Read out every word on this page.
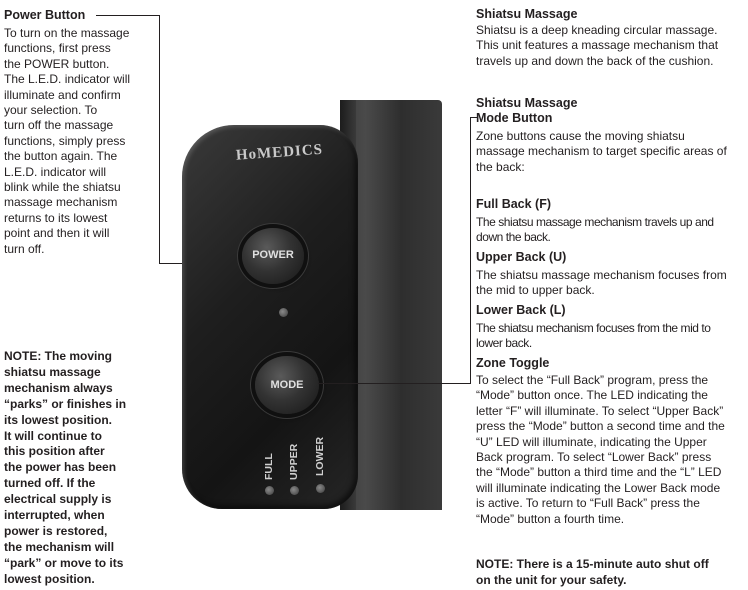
Power Button
To turn on the massage
functions, first press
the POWER button.
The L.E.D. indicator will
illuminate and confirm
your selection. To
turn off the massage
functions, simply press
the button again. The
L.E.D. indicator will
blink while the shiatsu
massage mechanism
returns to its lowest
point and then it will
turn off.
NOTE: The moving
shiatsu massage
mechanism always
“parks” or finishes in
its lowest position.
It will continue to
this position after
the power has been
turned off. If the
electrical supply is
interrupted, when
power is restored,
the mechanism will
“park” or move to its
lowest position.
HoMEDICS
POWER
MODE
FULL UPPER LOWER
Shiatsu Massage
Shiatsu is a deep kneading circular massage.
This unit features a massage mechanism that
travels up and down the back of the cushion.
Shiatsu Massage
Mode Button
Zone buttons cause the moving shiatsu
massage mechanism to target specific areas of
the back:
Full Back (F)
The shiatsu massage mechanism travels up and
down the back.
Upper Back (U)
The shiatsu massage mechanism focuses from
the mid to upper back.
Lower Back (L)
The shiatsu mechanism focuses from the mid to
lower back.
Zone Toggle
To select the “Full Back” program, press the
“Mode” button once. The LED indicating the
letter “F” will illuminate. To select “Upper Back”
press the “Mode” button a second time and the
“U” LED will illuminate, indicating the Upper
Back program. To select “Lower Back” press
the “Mode” button a third time and the “L” LED
will illuminate indicating the Lower Back mode
is active. To return to “Full Back” press the
“Mode” button a fourth time.
NOTE: There is a 15-minute auto shut off
on the unit for your safety.
